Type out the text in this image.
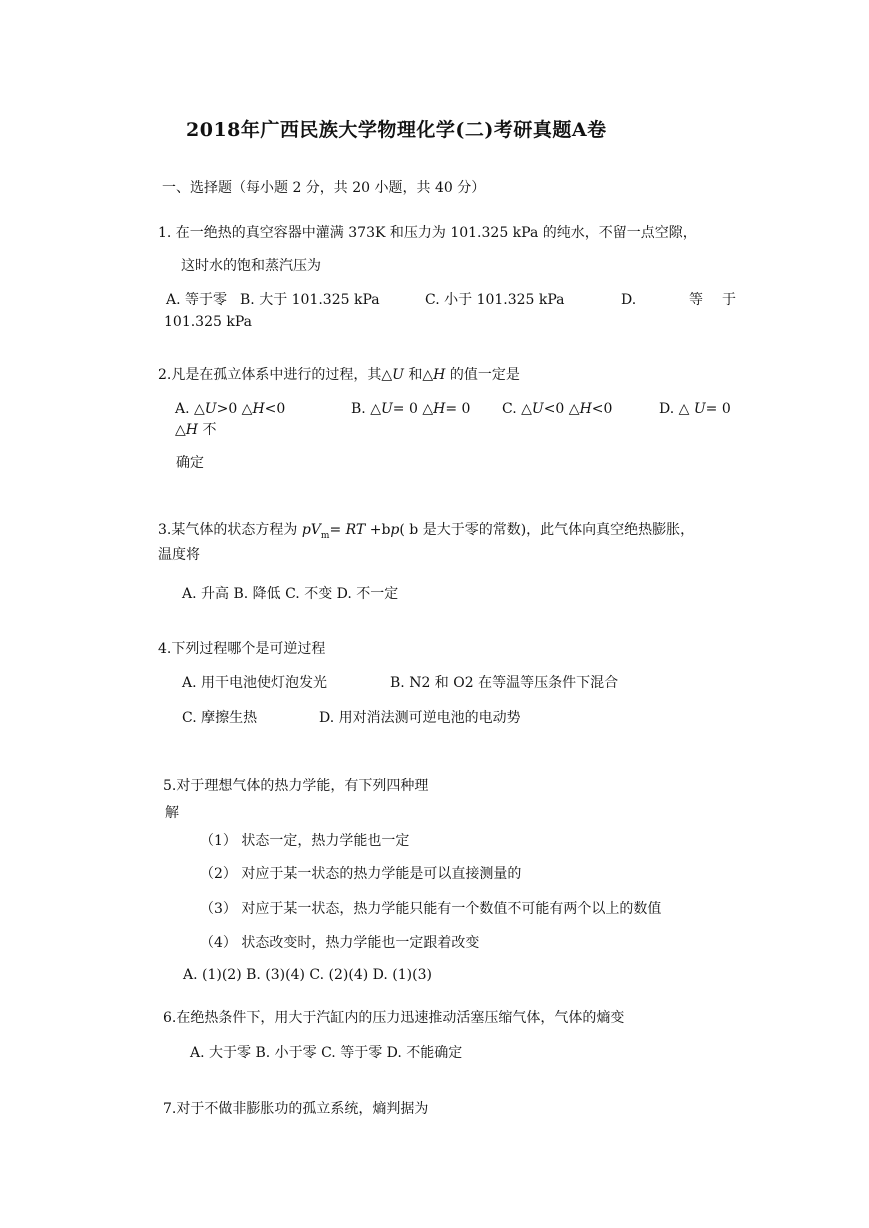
2018年广西民族大学物理化学(二)考研真题A卷
一、选择题（每小题 2 分，共 20 小题，共 40 分）
1. 在一绝热的真空容器中灌满 373K 和压力为 101.325 kPa 的纯水，不留一点空隙，
这时水的饱和蒸汽压为
A. 等于零 B. 大于 101.325 kPa	C. 小于 101.325 kPa	D.	等 于
101.325 kPa
2.凡是在孤立体系中进行的过程，其△U 和△H 的值一定是
A. △U>0 △H<0	B. △U= 0 △H= 0 C. △U<0 △H<0	D. △ U= 0
△H 不
确定
3.某气体的状态方程为 $pV_m=$ RT +bp( b 是大于零的常数)，此气体向真空绝热膨胀，
温度将
A. 升高 B. 降低 C. 不变 D. 不一定
4.下列过程哪个是可逆过程
A. 用干电池使灯泡发光	B. N2 和 O2 在等温等压条件下混合
C. 摩擦生热	D. 用对消法测可逆电池的电动势
5.对于理想气体的热力学能，有下列四种理
解
（1） 状态一定，热力学能也一定
（2） 对应于某一状态的热力学能是可以直接测量的
（3） 对应于某一状态，热力学能只能有一个数值不可能有两个以上的数值
（4） 状态改变时，热力学能也一定跟着改变
A. (1)(2) B. (3)(4) C. (2)(4) D. (1)(3)
6.在绝热条件下，用大于汽缸内的压力迅速推动活塞压缩气体，气体的熵变
A. 大于零 B. 小于零 C. 等于零 D. 不能确定
7.对于不做非膨胀功的孤立系统，熵判据为
